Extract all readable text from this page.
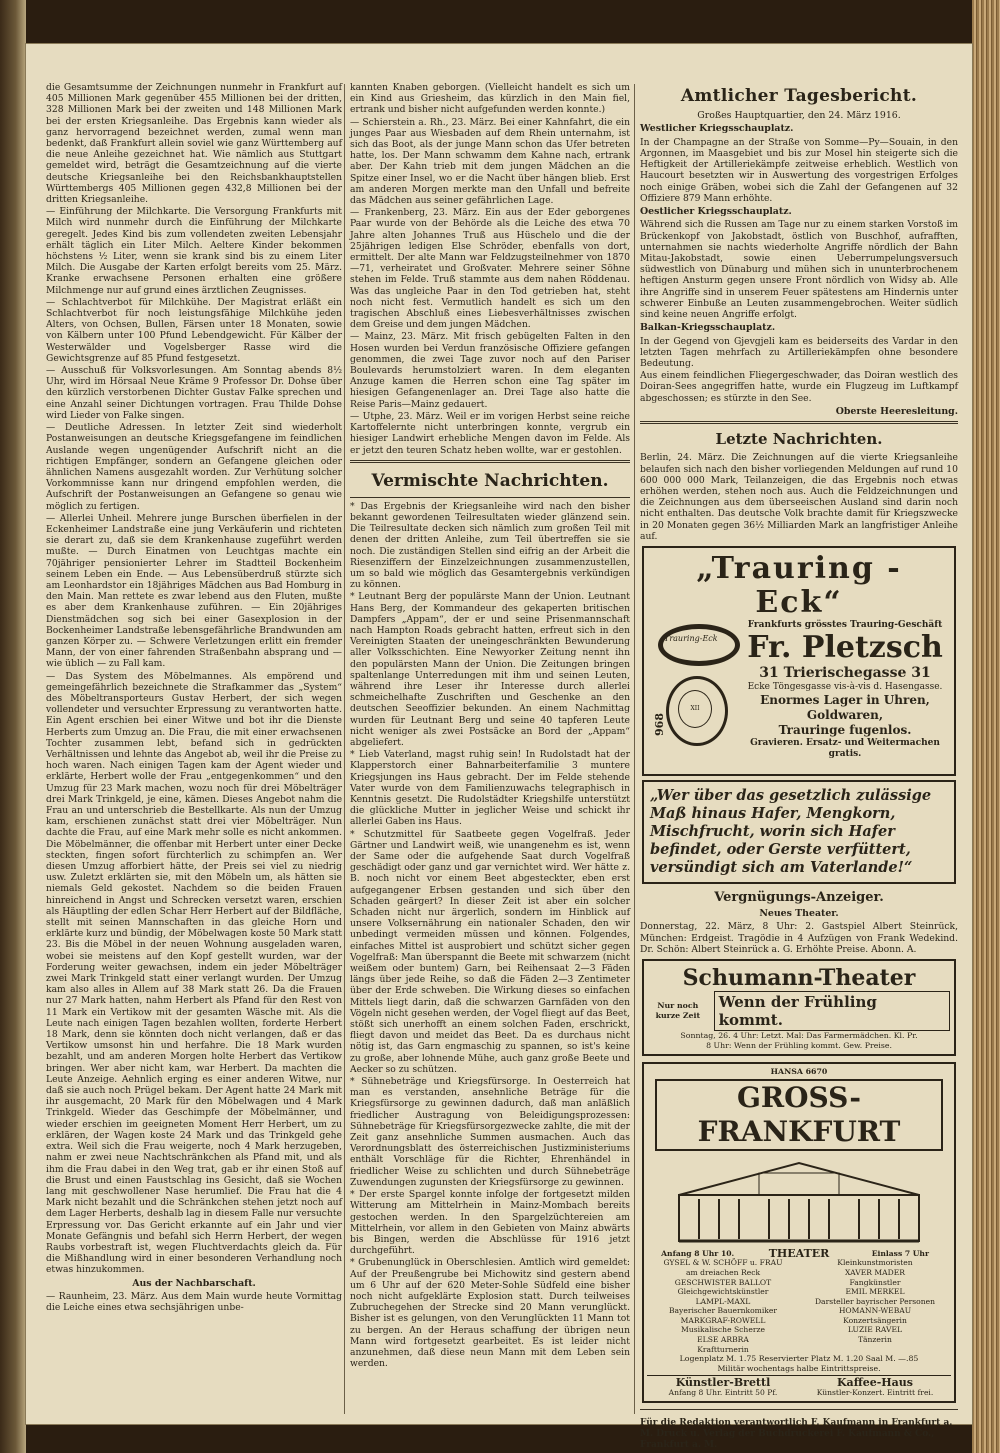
die Gesamtsumme der Zeichnungen nunmehr in Frankfurt auf 405 Millionen Mark gegenüber 455 Millionen bei der dritten, 328 Millionen Mark bei der zweiten und 148 Millionen Mark bei der ersten Kriegsanleihe. Das Ergebnis kann wieder als ganz hervorragend bezeichnet werden, zumal wenn man bedenkt, daß Frankfurt allein soviel wie ganz Württemberg auf die neue Anleihe gezeichnet hat. Wie nämlich aus Stuttgart gemeldet wird, beträgt die Gesamtzeichnung auf die vierte deutsche Kriegsanleihe bei den Reichsbankhauptstellen Württembergs 405 Millionen gegen 432,8 Millionen bei der dritten Kriegsanleihe.

— Einführung der Milchkarte. Die Versorgung Frankfurts mit Milch wird nunmehr durch die Einführung der Milchkarte geregelt. Jedes Kind bis zum vollendeten zweiten Lebensjahr erhält täglich ein Liter Milch. Aeltere Kinder bekommen höchstens ½ Liter, wenn sie krank sind bis zu einem Liter Milch. Die Ausgabe der Karten erfolgt bereits vom 25. März. Kranke erwachsene Personen erhalten eine größere Milchmenge nur auf grund eines ärztlichen Zeugnisses.

— Schlachtverbot für Milchkühe. Der Magistrat erläßt ein Schlachtverbot für noch leistungsfähige Milchkühe jeden Alters, von Ochsen, Bullen, Färsen unter 18 Monaten, sowie von Kälbern unter 100 Pfund Lebendgewicht. Für Kälber der Westerwälder und Vogelsberger Rasse wird die Gewichtsgrenze auf 85 Pfund festgesetzt.

— Ausschuß für Volksvorlesungen. Am Sonntag abends 8½ Uhr, wird im Hörsaal Neue Kräme 9 Professor Dr. Dohse über den kürzlich verstorbenen Dichter Gustav Falke sprechen und eine Anzahl seiner Dichtungen vortragen. Frau Thilde Dohse wird Lieder von Falke singen.

— Deutliche Adressen. In letzter Zeit sind wiederholt Postanweisungen an deutsche Kriegsgefangene im feindlichen Auslande wegen ungenügender Aufschrift nicht an die richtigen Empfänger, sondern an Gefangene gleichen oder ähnlichen Namens ausgezahlt worden. Zur Verhütung solcher Vorkommnisse kann nur dringend empfohlen werden, die Aufschrift der Postanweisungen an Gefangene so genau wie möglich zu fertigen.

— Allerlei Unheil. Mehrere junge Burschen überfielen in der Eckenheimer Landstraße eine jung Verkäuferin und richteten sie derart zu, daß sie dem Krankenhause zugeführt werden mußte. — Durch Einatmen von Leuchtgas machte ein 70jähriger pensionierter Lehrer im Stadtteil Bockenheim seinem Leben ein Ende. — Aus Lebensüberdruß stürzte sich am Leonhardstor ein 18jähriges Mädchen aus Bad Homburg in den Main. Man rettete es zwar lebend aus den Fluten, mußte es aber dem Krankenhause zuführen. — Ein 20jähriges Dienstmädchen sog sich bei einer Gasexplosion in der Bockenheimer Landstraße lebensgefährliche Brandwunden am ganzen Körper zu. — Schwere Verletzungen erlitt ein fremder Mann, der von einer fahrenden Straßenbahn absprang und — wie üblich — zu Fall kam.

— Das System des Möbelmannes. Als empörend und gemeingefährlich bezeichnete die Strafkammer das „System“ des Möbeltransporteurs Gustav Herbert, der sich wegen vollendeter und versuchter Erpressung zu verantworten hatte. Ein Agent erschien bei einer Witwe und bot ihr die Dienste Herberts zum Umzug an. Die Frau, die mit einer erwachsenen Tochter zusammen lebt, befand sich in gedrückten Verhältnissen und lehnte das Angebot ab, weil ihr die Preise zu hoch waren. Nach einigen Tagen kam der Agent wieder und erklärte, Herbert wolle der Frau „entgegenkommen“ und den Umzug für 23 Mark machen, wozu noch für drei Möbelträger drei Mark Trinkgeld, je eine, kämen. Dieses Angebot nahm die Frau an und unterschrieb die Bestellkarte. Als nun der Umzug kam, erschienen zunächst statt drei vier Möbelträger. Nun dachte die Frau, auf eine Mark mehr solle es nicht ankommen. Die Möbelmänner, die offenbar mit Herbert unter einer Decke steckten, fingen sofort fürchterlich zu schimpfen an. Wer diesen Umzug afforbiert hätte, der Preis sei viel zu niedrig usw. Zuletzt erklärten sie, mit den Möbeln um, als hätten sie niemals Geld gekostet. Nachdem so die beiden Frauen hinreichend in Angst und Schrecken versetzt waren, erschien als Häuptling der edlen Schar Herr Herbert auf der Bildfläche, stellt mit seinen Mannschaften in das gleiche Horn und erklärte kurz und bündig, der Möbelwagen koste 50 Mark statt 23. Bis die Möbel in der neuen Wohnung ausgeladen waren, wobei sie meistens auf den Kopf gestellt wurden, war der Forderung weiter gewachsen, indem ein jeder Möbelträger zwei Mark Trinkgeld statt einer verlangt wurden. Der Umzug kam also alles in Allem auf 38 Mark statt 26. Da die Frauen nur 27 Mark hatten, nahm Herbert als Pfand für den Rest von 11 Mark ein Vertikow mit der gesamten Wäsche mit. Als die Leute nach einigen Tagen bezahlen wollten, forderte Herbert 18 Mark, denn sie könnten doch nicht verlangen, daß er das Vertikow umsonst hin und herfahre. Die 18 Mark wurden bezahlt, und am anderen Morgen holte Herbert das Vertikow bringen. Wer aber nicht kam, war Herbert. Da machten die Leute Anzeige. Aehnlich erging es einer anderen Witwe, nur daß sie auch noch Prügel bekam. Der Agent hatte 24 Mark mit ihr ausgemacht, 20 Mark für den Möbelwagen und 4 Mark Trinkgeld. Wieder das Geschimpfe der Möbelmänner, und wieder erschien im geeigneten Moment Herr Herbert, um zu erklären, der Wagen koste 24 Mark und das Trinkgeld gehe extra. Weil sich die Frau weigerte, noch 4 Mark herzugeben, nahm er zwei neue Nachtschränkchen als Pfand mit, und als ihm die Frau dabei in den Weg trat, gab er ihr einen Stoß auf die Brust und einen Faustschlag ins Gesicht, daß sie Wochen lang mit geschwollener Nase herumlief. Die Frau hat die 4 Mark nicht bezahlt und die Schränkchen stehen jetzt noch auf dem Lager Herberts, deshalb lag in diesem Falle nur versuchte Erpressung vor. Das Gericht erkannte auf ein Jahr und vier Monate Gefängnis und befahl sich Herrn Herbert, der wegen Raubs vorbestraft ist, wegen Fluchtverdachts gleich da. Für die Mißhandlung wird in einer besonderen Verhandlung noch etwas hinzukommen.

Aus der Nachbarschaft.

— Raunheim, 23. März. Aus dem Main wurde heute Vormittag die Leiche eines etwa sechsjährigen unbe-

kannten Knaben geborgen. (Vielleicht handelt es sich um ein Kind aus Griesheim, das kürzlich in den Main fiel, ertrank und bisher nicht aufgefunden werden konnte.)

— Schierstein a. Rh., 23. März. Bei einer Kahnfahrt, die ein junges Paar aus Wiesbaden auf dem Rhein unternahm, ist sich das Boot, als der junge Mann schon das Ufer betreten hatte, los. Der Mann schwamm dem Kahne nach, ertrank aber. Der Kahn trieb mit dem jungen Mädchen an die Spitze einer Insel, wo er die Nacht über hängen blieb. Erst am anderen Morgen merkte man den Unfall und befreite das Mädchen aus seiner gefährlichen Lage.

— Frankenberg, 23. März. Ein aus der Eder geborgenes Paar wurde von der Behörde als die Leiche des etwa 70 Jahre alten Johannes Truß aus Hüschelo und die der 25jährigen ledigen Else Schröder, ebenfalls von dort, ermittelt. Der alte Mann war Feldzugsteilnehmer von 1870—71, verheiratet und Großvater. Mehrere seiner Söhne stehen im Felde. Truß stammte aus dem nahen Röddenau. Was das ungleiche Paar in den Tod getrieben hat, steht noch nicht fest. Vermutlich handelt es sich um den tragischen Abschluß eines Liebesverhältnisses zwischen dem Greise und dem jungen Mädchen.

— Mainz, 23. März. Mit frisch gebügelten Falten in den Hosen wurden bei Verdun französische Offiziere gefangen genommen, die zwei Tage zuvor noch auf den Pariser Boulevards herumstolziert waren. In dem eleganten Anzuge kamen die Herren schon eine Tag später im hiesigen Gefangenenlager an. Drei Tage also hatte die Reise Paris—Mainz gedauert.

— Utphe, 23. März. Weil er im vorigen Herbst seine reiche Kartoffelernte nicht unterbringen konnte, vergrub ein hiesiger Landwirt erhebliche Mengen davon im Felde. Als er jetzt den teuren Schatz heben wollte, war er gestohlen.

Vermischte Nachrichten.

* Das Ergebnis der Kriegsanleihe wird nach den bisher bekannt gewordenen Teilresultaten wieder glänzend sein. Die Teilresultate decken sich nämlich zum großen Teil mit denen der dritten Anleihe, zum Teil übertreffen sie sie noch. Die zuständigen Stellen sind eifrig an der Arbeit die Riesenziffern der Einzelzeichnungen zusammenzustellen, um so bald wie möglich das Gesamtergebnis verkündigen zu können.

* Leutnant Berg der populärste Mann der Union. Leutnant Hans Berg, der Kommandeur des gekaperten britischen Dampfers „Appam“, der er und seine Prisenmannschaft nach Hampton Roads gebracht hatten, erfreut sich in den Vereinigten Staaten der uneingeschränkten Bewunderung aller Volksschichten. Eine Newyorker Zeitung nennt ihn den populärsten Mann der Union. Die Zeitungen bringen spaltenlange Unterredungen mit ihm und seinen Leuten, während ihre Leser ihr Interesse durch allerlei schmeichelhafte Zuschriften und Geschenke an den deutschen Seeoffizier bekunden. An einem Nachmittag wurden für Leutnant Berg und seine 40 tapferen Leute nicht weniger als zwei Postsäcke an Bord der „Appam“ abgeliefert.

* Lieb Vaterland, magst ruhig sein! In Rudolstadt hat der Klapperstorch einer Bahnarbeiterfamilie 3 muntere Kriegsjungen ins Haus gebracht. Der im Felde stehende Vater wurde von dem Familienzuwachs telegraphisch in Kenntnis gesetzt. Die Rudolstädter Kriegshilfe unterstützt die glückliche Mutter in jeglicher Weise und schickt ihr allerlei Gaben ins Haus.

* Schutzmittel für Saatbeete gegen Vogelfraß. Jeder Gärtner und Landwirt weiß, wie unangenehm es ist, wenn der Same oder die aufgehende Saat durch Vogelfraß geschädigt oder ganz und gar vernichtet wird. Wer hätte z. B. noch nicht vor einem Beet abgesteckter, eben erst aufgegangener Erbsen gestanden und sich über den Schaden geärgert? In dieser Zeit ist aber ein solcher Schaden nicht nur ärgerlich, sondern im Hinblick auf unsere Volksernährung ein nationaler Schaden, den wir unbedingt vermeiden müssen und können. Folgendes, einfaches Mittel ist ausprobiert und schützt sicher gegen Vogelfraß: Man überspannt die Beete mit schwarzem (nicht weißem oder buntem) Garn, bei Reihensaat 2—3 Fäden längs über jede Reihe, so daß die Fäden 2—3 Zentimeter über der Erde schweben. Die Wirkung dieses so einfachen Mittels liegt darin, daß die schwarzen Garnfäden von den Vögeln nicht gesehen werden, der Vogel fliegt auf das Beet, stößt sich unerhofft an einem solchen Faden, erschrickt, fliegt davon und meidet das Beet. Da es durchaus nicht nötig ist, das Garn engmaschig zu spannen, so ist's keine zu große, aber lohnende Mühe, auch ganz große Beete und Aecker so zu schützen.

* Sühnebeträge und Kriegsfürsorge. In Oesterreich hat man es verstanden, ansehnliche Beträge für die Kriegsfürsorge zu gewinnen dadurch, daß man anläßlich friedlicher Austragung von Beleidigungsprozessen: Sühnebeträge für Kriegsfürsorgezwecke zahlte, die mit der Zeit ganz ansehnliche Summen ausmachen. Auch das Verordnungsblatt des österreichischen Justizministeriums enthält Vorschläge für die Richter, Ehrenhändel in friedlicher Weise zu schlichten und durch Sühnebeträge Zuwendungen zugunsten der Kriegsfürsorge zu gewinnen.

* Der erste Spargel konnte infolge der fortgesetzt milden Witterung am Mittelrhein in Mainz-Mombach bereits gestochen werden. In den Spargelzüchtereien am Mittelrhein, vor allem in den Gebieten von Mainz abwärts bis Bingen, werden die Abschlüsse für 1916 jetzt durchgeführt.

* Grubenunglück in Oberschlesien. Amtlich wird gemeldet: Auf der Preußengrube bei Michowitz sind gestern abend um 6 Uhr auf der 620 Meter-Sohle Südfeld eine bisher noch nicht aufgeklärte Explosion statt. Durch teilweises Zubruchegehen der Strecke sind 20 Mann verunglückt. Bisher ist es gelungen, von den Verunglückten 11 Mann tot zu bergen. An der Heraus schaffung der übrigen neun Mann wird fortgesetzt gearbeitet. Es ist leider nicht anzunehmen, daß diese neun Mann mit dem Leben sein werden.

Amtlicher Tagesbericht.
Großes Hauptquartier, den 24. März 1916.
Westlicher Kriegsschauplatz.

In der Champagne an der Straße von Somme—Py—Souain, in den Argonnen, im Maasgebiet und bis zur Mosel hin steigerte sich die Heftigkeit der Artilleriekämpfe zeitweise erheblich. Westlich von Haucourt besetzten wir in Auswertung des vorgestrigen Erfolges noch einige Gräben, wobei sich die Zahl der Gefangenen auf 32 Offiziere 879 Mann erhöhte.

Oestlicher Kriegsschauplatz.

Während sich die Russen am Tage nur zu einem starken Vorstoß im Brückenkopf von Jakobstadt, östlich von Buschhof, aufrafften, unternahmen sie nachts wiederholte Angriffe nördlich der Bahn Mitau-Jakobstadt, sowie einen Ueberrumpelungsversuch südwestlich von Dünaburg und mühen sich in ununterbrochenem heftigen Ansturm gegen unsere Front nördlich von Widsy ab. Alle ihre Angriffe sind in unserem Feuer spätestens am Hindernis unter schwerer Einbuße an Leuten zusammengebrochen. Weiter südlich sind keine neuen Angriffe erfolgt.

Balkan-Kriegsschauplatz.

In der Gegend von Gjevgjeli kam es beiderseits des Vardar in den letzten Tagen mehrfach zu Artilleriekämpfen ohne besondere Bedeutung.

Aus einem feindlichen Fliegergeschwader, das Doiran westlich des Doiran-Sees angegriffen hatte, wurde ein Flugzeug im Luftkampf abgeschossen; es stürzte in den See.

Oberste Heeresleitung.
Letzte Nachrichten.

Berlin, 24. März. Die Zeichnungen auf die vierte Kriegsanleihe belaufen sich nach den bisher vorliegenden Meldungen auf rund 10 600 000 000 Mark, Teilanzeigen, die das Ergebnis noch etwas erhöhen werden, stehen noch aus. Auch die Feldzeichnungen und die Zeichnungen aus dem überseeischen Ausland sind darin noch nicht enthalten. Das deutsche Volk brachte damit für Kriegszwecke in 20 Monaten gegen 36½ Milliarden Mark an langfristiger Anleihe auf.

„Trauring - Eck“
Trauring-Eck
XII
968
Frankfurts grösstes Trauring-Geschäft
Fr. Pletzsch
31 Trierischegasse 31
Ecke Töngesgasse vis-à-vis d. Hasengasse.
Enormes Lager in Uhren, Goldwaren,
Trauringe fugenlos.
Gravieren. Ersatz- und Weitermachen gratis.
„Wer über das gesetzlich zulässige Maß hinaus Hafer, Mengkorn, Mischfrucht, worin sich Hafer befindet, oder Gerste verfüttert, versündigt sich am Vaterlande!“
Vergnügungs-Anzeiger.
Neues Theater.

Donnerstag, 22. März, 8 Uhr: 2. Gastspiel Albert Steinrück, München: Erdgeist. Tragödie in 4 Aufzügen von Frank Wedekind. Dr. Schön: Albert Steinrück a. G. Erhöhte Preise. Abonn. A.

Schumann-Theater
Nur noch kurze Zeit
Wenn der Frühling kommt.
Sonntag, 26. 4 Uhr: Letzt. Mal: Das Farmermädchen. Kl. Pr.
8 Uhr: Wenn der Frühling kommt. Gew. Preise.
HANSA 6670
GROSS-FRANKFURT
Anfang 8 Uhr 10.	THEATER	Einlass 7 Uhr
GYSEL & W. SCHÖFF u. FRAU
am dreiachen Reck
GESCHWISTER BALLOT
Gleichgewichtskünstler
LAMPL-MAXL
Bayerischer Bauernkomiker
MARKGRAF-ROWELL
Musikalische Scherze
ELSE ARBRA
Kraftturnerin
Kleinkunstmoristen
XAVER MADER
Fangkünstler
EMIL MERKEL
Darsteller bayrischer Personen
HOMANN-WEBAU
Konzertsängerin
LUZIE RAVEL
Tänzerin
Logenplatz M. 1.75 Reservierter Platz M. 1.20 Saal M. —.85
Militär wochentags halbe Eintrittspreise.
Künstler-Brettl
Anfang 8 Uhr. Eintritt 50 Pf.
Kaffee-Haus
Künstler-Konzert. Eintritt frei.
Für die Redaktion verantwortlich F. Kaufmann in Frankfurt a. M. Druck u. Verlag der Buchdruckerei F. Kaufmann & Co., Frankfurt a. M.
